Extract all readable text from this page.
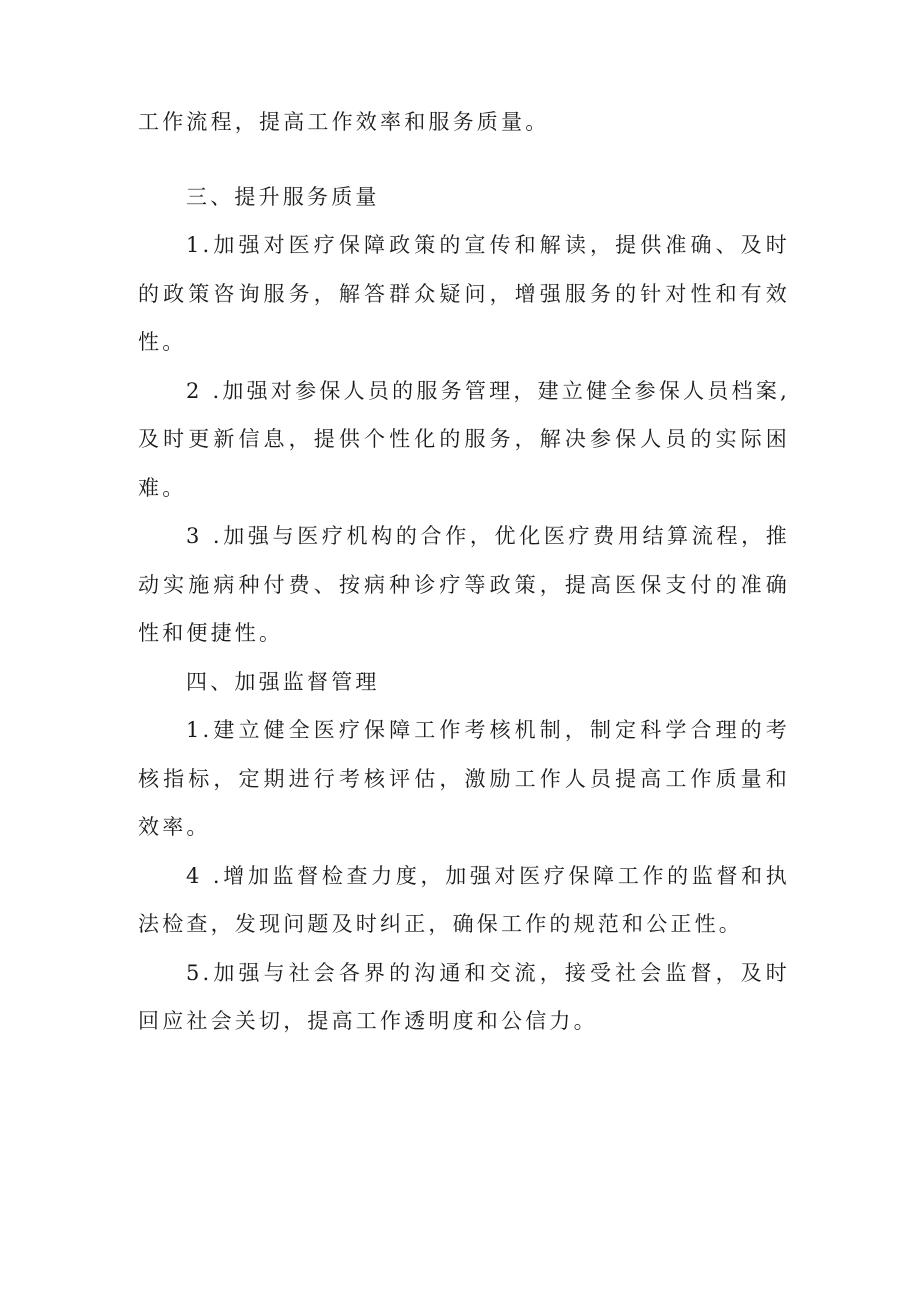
工作流程，提高工作效率和服务质量。

三、提升服务质量

1.加强对医疗保障政策的宣传和解读，提供准确、及时的政策咨询服务，解答群众疑问，增强服务的针对性和有效性。

2 .加强对参保人员的服务管理，建立健全参保人员档案,及时更新信息，提供个性化的服务，解决参保人员的实际困难。

3 .加强与医疗机构的合作，优化医疗费用结算流程，推动实施病种付费、按病种诊疗等政策，提高医保支付的准确性和便捷性。

四、加强监督管理

1.建立健全医疗保障工作考核机制，制定科学合理的考核指标，定期进行考核评估，激励工作人员提高工作质量和效率。

4 .增加监督检查力度，加强对医疗保障工作的监督和执法检查，发现问题及时纠正，确保工作的规范和公正性。

5.加强与社会各界的沟通和交流，接受社会监督，及时回应社会关切，提高工作透明度和公信力。
